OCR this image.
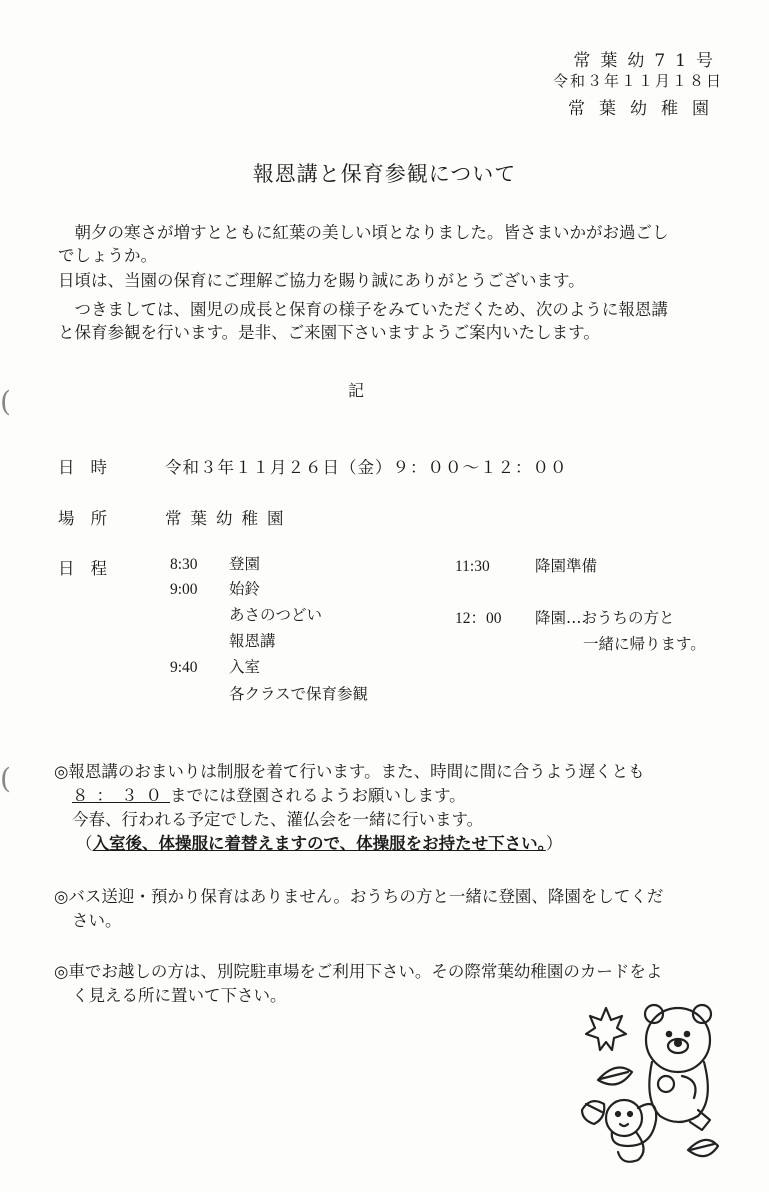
常葉幼71号
令和３年１１月１８日
常葉幼稚園
報恩講と保育参観について
朝夕の寒さが増すとともに紅葉の美しい頃となりました。皆さまいかがお過ごし
でしょうか。
日頃は、当園の保育にご理解ご協力を賜り誠にありがとうございます。
つきましては、園児の成長と保育の様子をみていただくため、次のように報恩講
と保育参観を行います。是非、ご来園下さいますようご案内いたします。
記
日時	令和３年１１月２６日（金）９：００～１２：００
場所	常葉幼稚園
日程	8:30	登園
9:00	始鈴
あさのつどい
報恩講
9:40	入室
各クラスで保育参観
11:30	降園準備
12：00 降園…おうちの方と
一緒に帰ります。
◎報恩講のおまいりは制服を着て行います。また、時間に間に合うよう遅くとも
８：３０までには登園されるようお願いします。
今春、行われる予定でした、灌仏会を一緒に行います。
（入室後、体操服に着替えますので、体操服をお持たせ下さい。）
◎バス送迎・預かり保育はありません。おうちの方と一緒に登園、降園をしてくだ
さい。
◎車でお越しの方は、別院駐車場をご利用下さい。その際常葉幼稚園のカードをよ
く見える所に置いて下さい。
(
(
